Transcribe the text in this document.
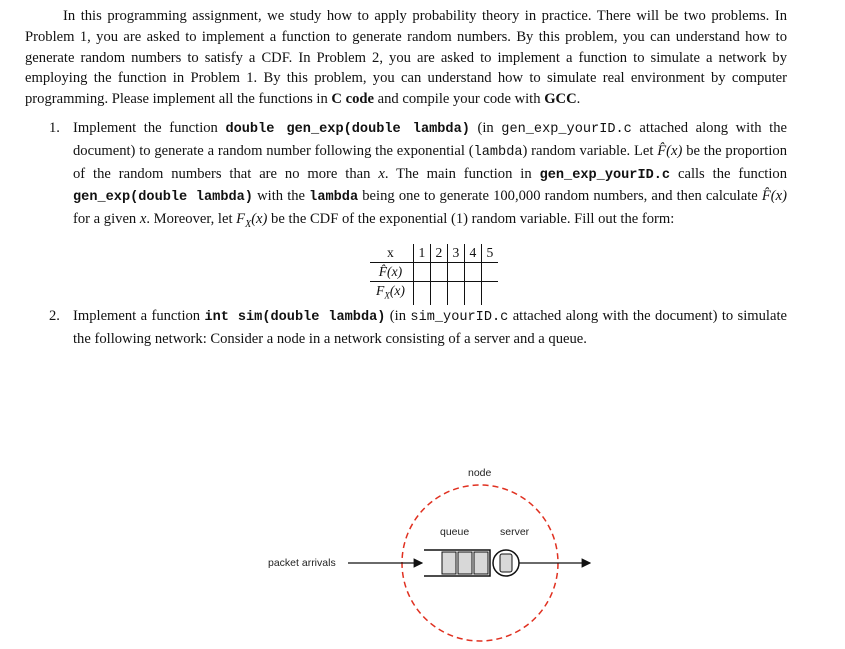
In this programming assignment, we study how to apply probability theory in practice. There will be two problems. In Problem 1, you are asked to implement a function to generate random numbers. By this problem, you can understand how to generate random numbers to satisfy a CDF. In Problem 2, you are asked to implement a function to simulate a network by employing the function in Problem 1. By this problem, you can understand how to simulate real environment by computer programming. Please implement all the functions in C code and compile your code with GCC.

1. Implement the function double gen_exp(double lambda) (in gen_exp_yourID.c attached along with the document) to generate a random number following the exponential (lambda) random variable. Let F̂(x) be the proportion of the random numbers that are no more than x. The main function in gen_exp_yourID.c calls the function gen_exp(double lambda) with the lambda being one to generate 100,000 random numbers, and then calculate F̂(x) for a given x. Moreover, let $F_X(x)$ be the CDF of the exponential (1) random variable. Fill out the form:
x	1	2	3	4	5
F̂(x)					
$F_X(x)$					
2. Implement a function int sim(double lambda) (in sim_yourID.c attached along with the document) to simulate the following network: Consider a node in a network consisting of a server and a queue.
node
queue	server
packet arrivals
